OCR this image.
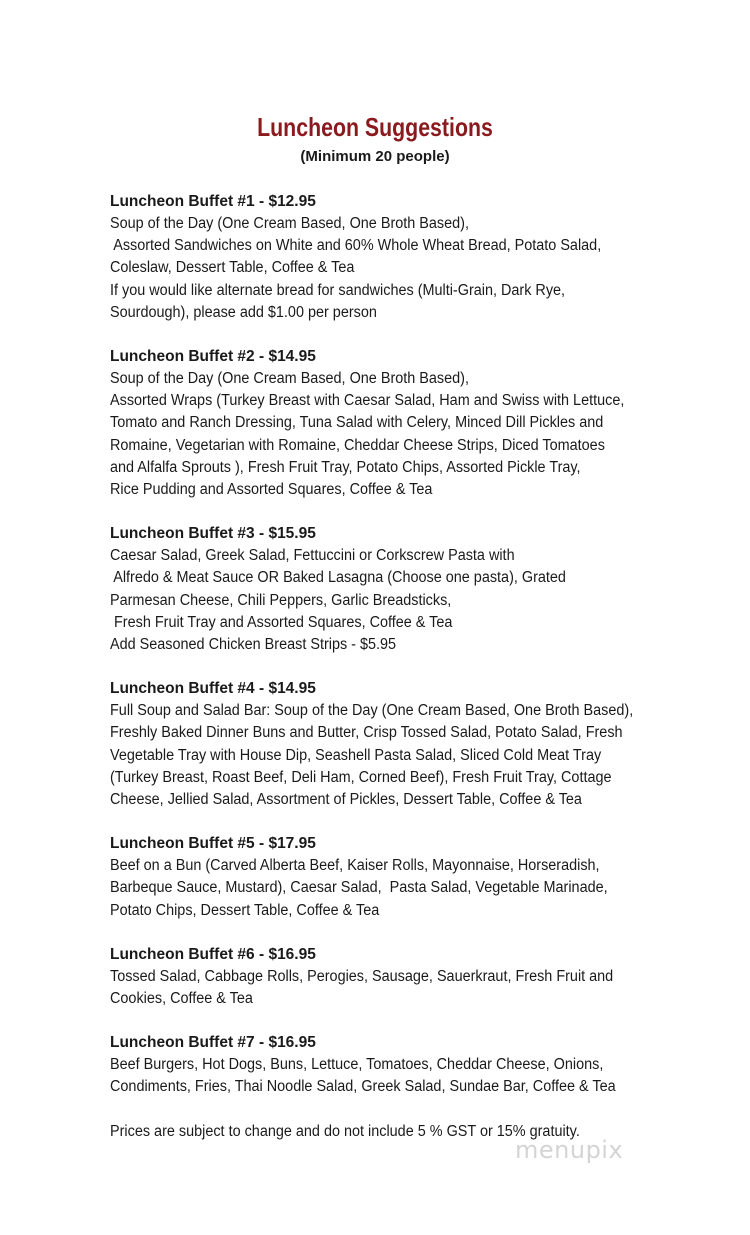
Luncheon Suggestions
(Minimum 20 people)
Luncheon Buffet #1 - $12.95
Soup of the Day (One Cream Based, One Broth Based),
Assorted Sandwiches on White and 60% Whole Wheat Bread, Potato Salad,
Coleslaw, Dessert Table, Coffee & Tea
If you would like alternate bread for sandwiches (Multi-Grain, Dark Rye,
Sourdough), please add $1.00 per person
Luncheon Buffet #2 - $14.95
Soup of the Day (One Cream Based, One Broth Based),
Assorted Wraps (Turkey Breast with Caesar Salad, Ham and Swiss with Lettuce,
Tomato and Ranch Dressing, Tuna Salad with Celery, Minced Dill Pickles and
Romaine, Vegetarian with Romaine, Cheddar Cheese Strips, Diced Tomatoes
and Alfalfa Sprouts ), Fresh Fruit Tray, Potato Chips, Assorted Pickle Tray,
Rice Pudding and Assorted Squares, Coffee & Tea
Luncheon Buffet #3 - $15.95
Caesar Salad, Greek Salad, Fettuccini or Corkscrew Pasta with
Alfredo & Meat Sauce OR Baked Lasagna (Choose one pasta), Grated
Parmesan Cheese, Chili Peppers, Garlic Breadsticks,
Fresh Fruit Tray and Assorted Squares, Coffee & Tea
Add Seasoned Chicken Breast Strips - $5.95
Luncheon Buffet #4 - $14.95
Full Soup and Salad Bar: Soup of the Day (One Cream Based, One Broth Based),
Freshly Baked Dinner Buns and Butter, Crisp Tossed Salad, Potato Salad, Fresh
Vegetable Tray with House Dip, Seashell Pasta Salad, Sliced Cold Meat Tray
(Turkey Breast, Roast Beef, Deli Ham, Corned Beef), Fresh Fruit Tray, Cottage
Cheese, Jellied Salad, Assortment of Pickles, Dessert Table, Coffee & Tea
Luncheon Buffet #5 - $17.95
Beef on a Bun (Carved Alberta Beef, Kaiser Rolls, Mayonnaise, Horseradish,
Barbeque Sauce, Mustard), Caesar Salad,  Pasta Salad, Vegetable Marinade,
Potato Chips, Dessert Table, Coffee & Tea
Luncheon Buffet #6 - $16.95
Tossed Salad, Cabbage Rolls, Perogies, Sausage, Sauerkraut, Fresh Fruit and
Cookies, Coffee & Tea
Luncheon Buffet #7 - $16.95
Beef Burgers, Hot Dogs, Buns, Lettuce, Tomatoes, Cheddar Cheese, Onions,
Condiments, Fries, Thai Noodle Salad, Greek Salad, Sundae Bar, Coffee & Tea
Prices are subject to change and do not include 5 % GST or 15% gratuity.
menupix
